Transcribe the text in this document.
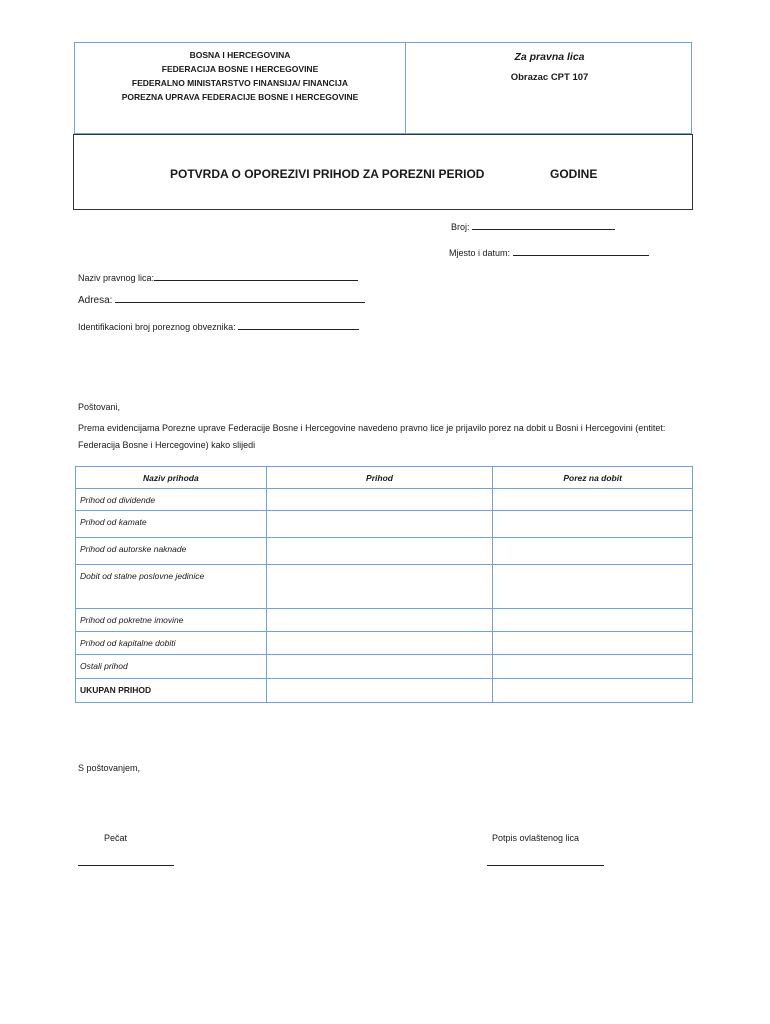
BOSNA I HERCEGOVINA
FEDERACIJA BOSNE I HERCEGOVINE
FEDERALNO MINISTARSTVO FINANSIJA/ FINANCIJA
POREZNA UPRAVA FEDERACIJE BOSNE I HERCEGOVINE
Za pravna lica
Obrazac CPT 107
POTVRDA O OPOREZIVI PRIHOD ZA POREZNI PERIOD	GODINE
Broj:
Mjesto i datum:
Naziv pravnog lica:
Adresa:
Identifikacioni broj poreznog obveznika:
Poštovani,
Prema evidencijama Porezne uprave Federacije Bosne i Hercegovine navedeno pravno lice je prijavilo porez na dobit u Bosni i Hercegovini (entitet: Federacija Bosne i Hercegovine) kako slijedi
Naziv prihoda	Prihod	Porez na dobit
Prihod od dividende		
Prihod od kamate		
Prihod od autorske naknade		
Dobit od stalne poslovne jedinice		
Prihod od pokretne imovine		
Prihod od kapitalne dobiti		
Ostali prihod		
UKUPAN PRIHOD		
S poštovanjem,
Pečat	Potpis ovlaštenog lica
